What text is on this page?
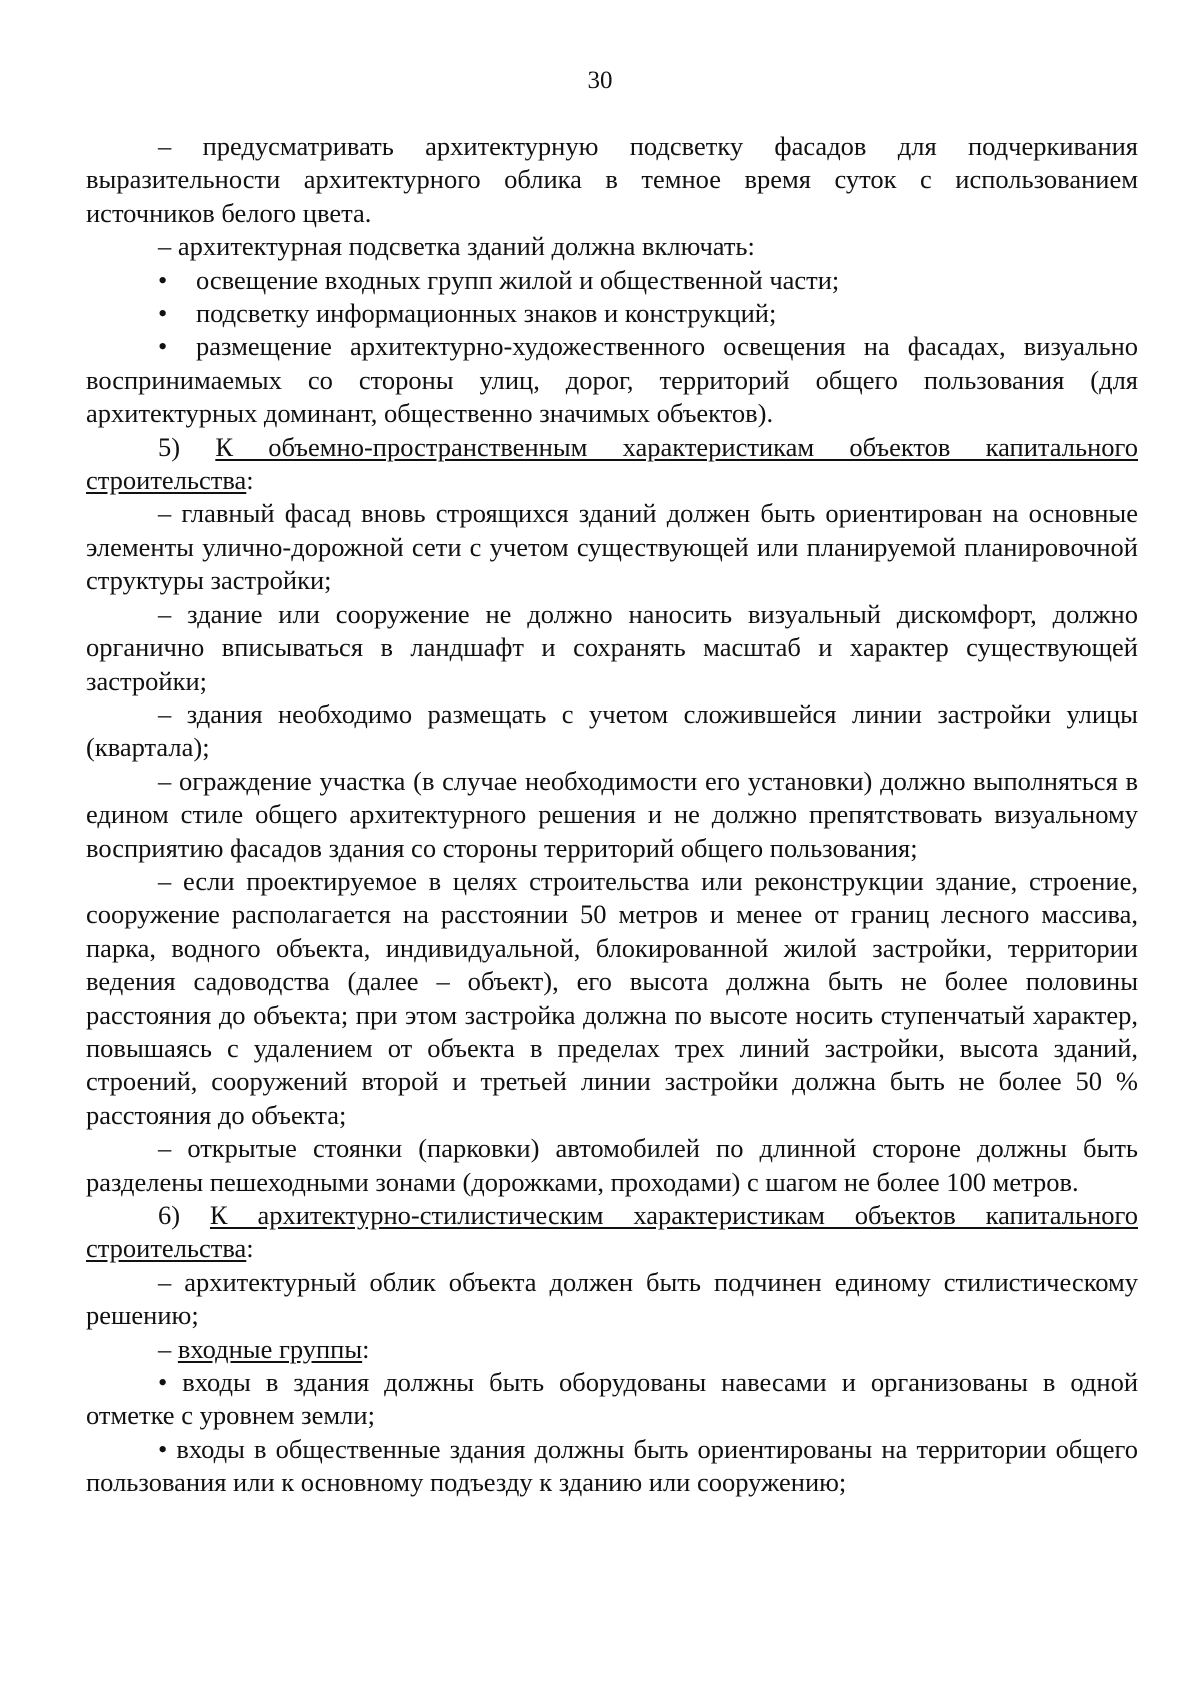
30

– предусматривать архитектурную подсветку фасадов для подчеркивания выразительности архитектурного облика в темное время суток с использованием источников белого цвета.

– архитектурная подсветка зданий должна включать:

• освещение входных групп жилой и общественной части;

• подсветку информационных знаков и конструкций;

• размещение архитектурно-художественного освещения на фасадах, визуально воспринимаемых со стороны улиц, дорог, территорий общего пользования (для архитектурных доминант, общественно значимых объектов).

5) К объемно-пространственным характеристикам объектов капитального строительства:

– главный фасад вновь строящихся зданий должен быть ориентирован на основные элементы улично-дорожной сети с учетом существующей или планируемой планировочной структуры застройки;

– здание или сооружение не должно наносить визуальный дискомфорт, должно органично вписываться в ландшафт и сохранять масштаб и характер существующей застройки;

– здания необходимо размещать с учетом сложившейся линии застройки улицы (квартала);

– ограждение участка (в случае необходимости его установки) должно выполняться в едином стиле общего архитектурного решения и не должно препятствовать визуальному восприятию фасадов здания со стороны территорий общего пользования;

– если проектируемое в целях строительства или реконструкции здание, строение, сооружение располагается на расстоянии 50 метров и менее от границ лесного массива, парка, водного объекта, индивидуальной, блокированной жилой застройки, территории ведения садоводства (далее – объект), его высота должна быть не более половины расстояния до объекта; при этом застройка должна по высоте носить ступенчатый характер, повышаясь с удалением от объекта в пределах трех линий застройки, высота зданий, строений, сооружений второй и третьей линии застройки должна быть не более 50 % расстояния до объекта;

– открытые стоянки (парковки) автомобилей по длинной стороне должны быть разделены пешеходными зонами (дорожками, проходами) с шагом не более 100 метров.

6) К архитектурно-стилистическим характеристикам объектов капитального строительства:

– архитектурный облик объекта должен быть подчинен единому стилистическому решению;

– входные группы:

• входы в здания должны быть оборудованы навесами и организованы в одной отметке с уровнем земли;

• входы в общественные здания должны быть ориентированы на территории общего пользования или к основному подъезду к зданию или сооружению;
